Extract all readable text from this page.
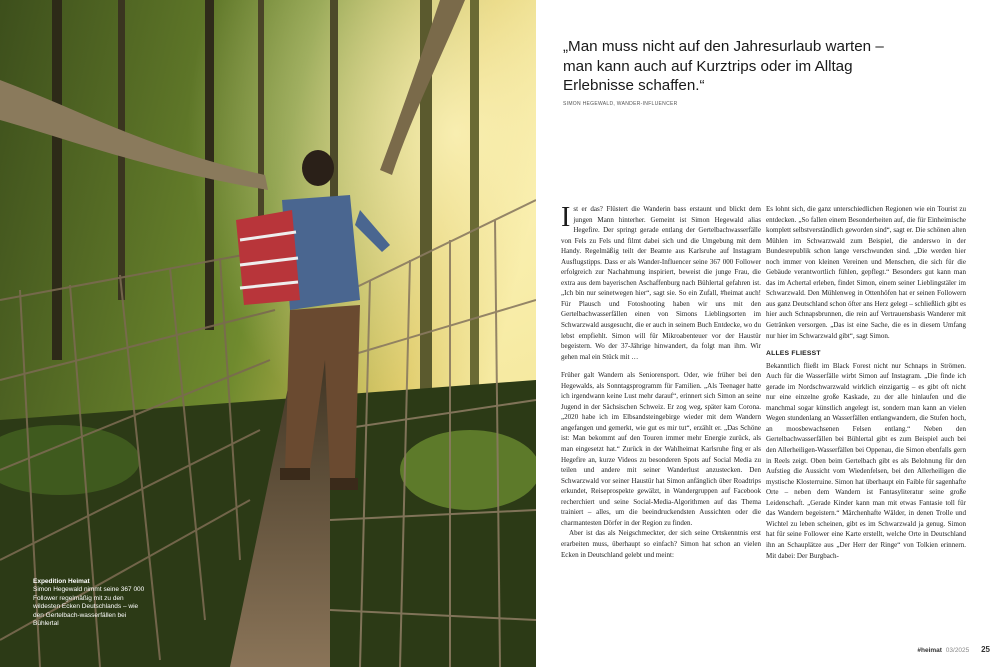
Expedition Heimat
Simon Hegewald nimmt seine 367 000 Follower regelmäßig mit zu den wildesten Ecken Deutschlands – wie den Gertelbach-wasserfällen bei Bühlertal
„Man muss nicht auf den Jahresurlaub warten – man kann auch auf Kurztrips oder im Alltag Erlebnisse schaffen.“
SIMON HEGEWALD, WANDER-INFLUENCER

Ist er das? Flüstert die Wanderin bass erstaunt und blickt dem jungen Mann hinterher. Gemeint ist Simon Hegewald alias Hegefire. Der springt gerade entlang der Gertelbachwasserfälle von Fels zu Fels und filmt dabei sich und die Umgebung mit dem Handy. Regelmäßig teilt der Beamte aus Karlsruhe auf Instagram Ausflugstipps. Dass er als Wander-Influencer seine 367 000 Follower erfolgreich zur Nachahmung inspiriert, beweist die junge Frau, die extra aus dem bayerischen Aschaffenburg nach Bühlertal gefahren ist. „Ich bin nur seinetwegen hier“, sagt sie. So ein Zufall, #heimat auch! Für Plausch und Fotoshooting haben wir uns mit den Gertelbachwasserfällen einen von Simons Lieblingsorten im Schwarzwald ausgesucht, die er auch in seinem Buch Entdecke, wo du lebst empfiehlt. Simon will für Mikroabenteuer vor der Haustür begeistern. Wo der 37-Jährige hinwandert, da folgt man ihm. Wir gehen mal ein Stück mit …

Früher galt Wandern als Seniorensport. Oder, wie früher bei den Hegewalds, als Sonntagsprogramm für Familien. „Als Teenager hatte ich irgendwann keine Lust mehr darauf“, erinnert sich Simon an seine Jugend in der Sächsischen Schweiz. Er zog weg, später kam Corona. „2020 habe ich im Elbsandsteingebirge wieder mit dem Wandern angefangen und gemerkt, wie gut es mir tut“, erzählt er. „Das Schöne ist: Man bekommt auf den Touren immer mehr Energie zurück, als man eingesetzt hat.“ Zurück in der Wahlheimat Karlsruhe fing er als Hegefire an, kurze Videos zu besonderen Spots auf Social Media zu teilen und andere mit seiner Wanderlust anzustecken. Den Schwarzwald vor seiner Haustür hat Simon anfänglich über Roadtrips erkundet, Reiseprospekte gewälzt, in Wandergruppen auf Facebook recherchiert und seine Social-Media-Algorithmen auf das Thema trainiert – alles, um die beeindruckendsten Aussichten oder die charmantesten Dörfer in der Region zu finden.

Aber ist das als Neigschmeckter, der sich seine Ortskenntnis erst erarbeiten muss, überhaupt so einfach? Simon hat schon an vielen Ecken in Deutschland gelebt und meint:

Es lohnt sich, die ganz unterschiedlichen Regionen wie ein Tourist zu entdecken. „So fallen einem Besonderheiten auf, die für Einheimische komplett selbstverständlich geworden sind“, sagt er. Die schönen alten Mühlen im Schwarzwald zum Beispiel, die anderswo in der Bundesrepublik schon lange verschwunden sind. „Die werden hier noch immer von kleinen Vereinen und Menschen, die sich für die Gebäude verantwortlich fühlen, gepflegt.“ Besonders gut kann man das im Achertal erleben, findet Simon, einem seiner Lieblingstäler im Schwarzwald. Den Mühlenweg in Ottenhöfen hat er seinen Followern aus ganz Deutschland schon öfter ans Herz gelegt – schließlich gibt es hier auch Schnapsbrunnen, die rein auf Vertrauensbasis Wanderer mit Getränken versorgen. „Das ist eine Sache, die es in diesem Umfang nur hier im Schwarzwald gibt“, sagt Simon.

ALLES FLIESST

Bekanntlich fließt im Black Forest nicht nur Schnaps in Strömen. Auch für die Wasserfälle wirbt Simon auf Instagram. „Die finde ich gerade im Nordschwarzwald wirklich einzigartig – es gibt oft nicht nur eine einzelne große Kaskade, zu der alle hinlaufen und die manchmal sogar künstlich angelegt ist, sondern man kann an vielen Wegen stundenlang an Wasserfällen entlangwandern, die Stufen hoch, an moosbewachsenen Felsen entlang.“ Neben den Gertelbachwasserfällen bei Bühlertal gibt es zum Beispiel auch bei den Allerheiligen-Wasserfällen bei Oppenau, die Simon ebenfalls gern in Reels zeigt. Oben beim Gertelbach gibt es als Belohnung für den Aufstieg die Aussicht vom Wiedenfelsen, bei den Allerheiligen die mystische Klosterruine. Simon hat überhaupt ein Faible für sagenhafte Orte – neben dem Wandern ist Fantasyliteratur seine große Leidenschaft. „Gerade Kinder kann man mit etwas Fantasie toll für das Wandern begeistern.“ Märchenhafte Wälder, in denen Trolle und Wichtel zu leben scheinen, gibt es im Schwarzwald ja genug. Simon hat für seine Follower eine Karte erstellt, welche Orte in Deutschland ihn an Schauplätze aus „Der Herr der Ringe“ von Tolkien erinnern. Mit dabei: Der Burgbach-

#heimat 03/2025 25
